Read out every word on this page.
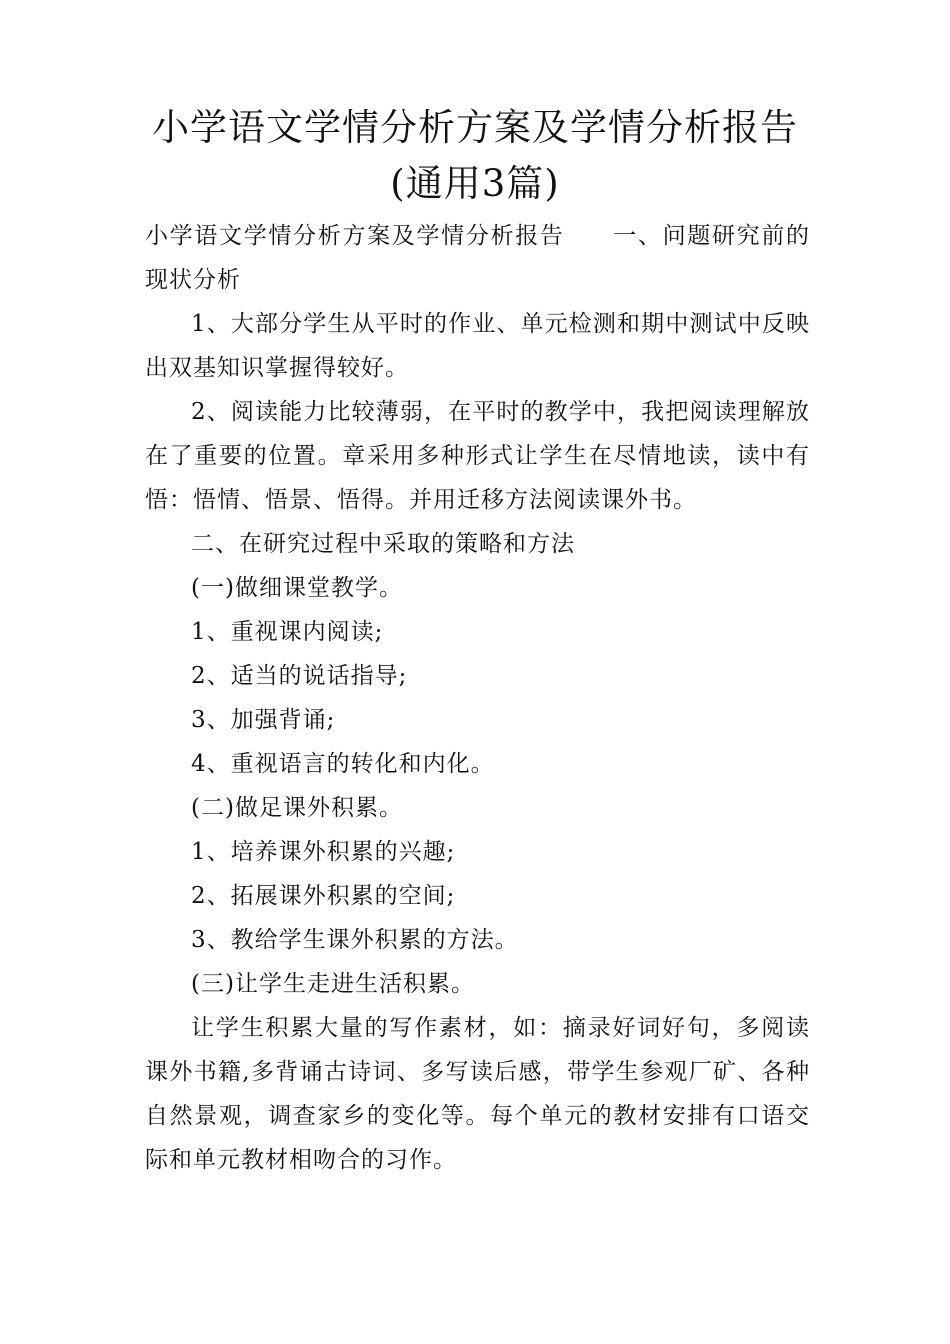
小学语文学情分析方案及学情分析报告(通用3篇)

小学语文学情分析方案及学情分析报告 一、问题研究前的现状分析

1、大部分学生从平时的作业、单元检测和期中测试中反映出双基知识掌握得较好。

2、阅读能力比较薄弱，在平时的教学中，我把阅读理解放在了重要的位置。章采用多种形式让学生在尽情地读，读中有悟：悟情、悟景、悟得。并用迁移方法阅读课外书。

二、在研究过程中采取的策略和方法

(一)做细课堂教学。

1、重视课内阅读;

2、适当的说话指导;

3、加强背诵;

4、重视语言的转化和内化。

(二)做足课外积累。

1、培养课外积累的兴趣;

2、拓展课外积累的空间;

3、教给学生课外积累的方法。

(三)让学生走进生活积累。

让学生积累大量的写作素材，如：摘录好词好句，多阅读课外书籍,多背诵古诗词、多写读后感，带学生参观厂矿、各种自然景观，调查家乡的变化等。每个单元的教材安排有口语交际和单元教材相吻合的习作。
